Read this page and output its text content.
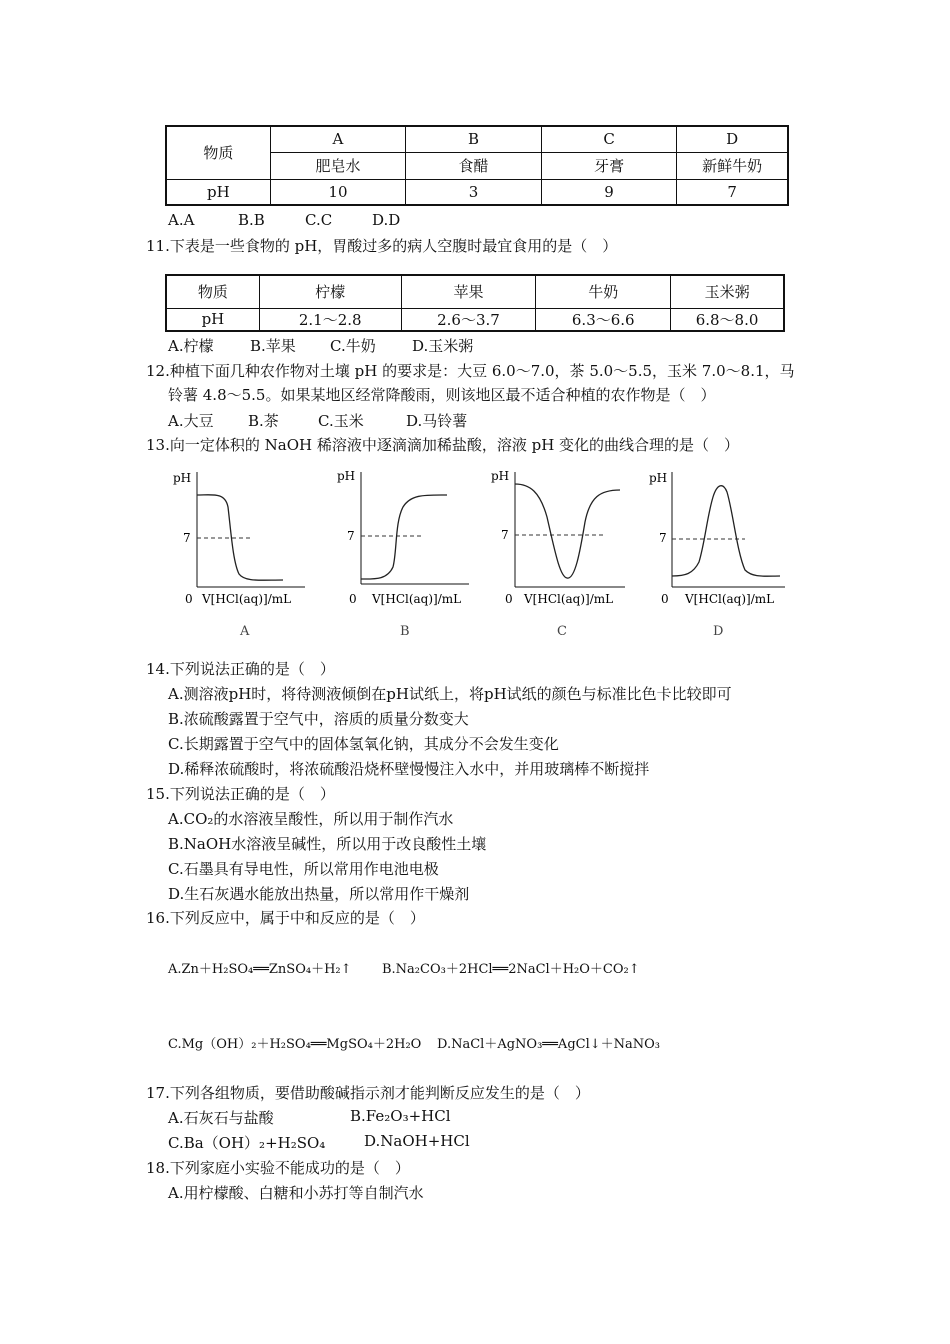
物质	A	B	C	D
	肥皂水	食醋	牙膏	新鲜牛奶
pH	10	3	9	7
A.A	B.B	C.C	D.D
11.下表是一些食物的 pH，胃酸过多的病人空腹时最宜食用的是（　）
物质	柠檬	苹果	牛奶	玉米粥
pH	2.1～2.8	2.6～3.7	6.3～6.6	6.8～8.0
A.柠檬 B.苹果 C.牛奶 D.玉米粥
12.种植下面几种农作物对土壤 pH 的要求是：大豆 6.0～7.0，茶 5.0～5.5，玉米 7.0～8.1，马
铃薯 4.8～5.5。如果某地区经常降酸雨，则该地区最不适合种植的农作物是（　）
A.大豆 B.茶	C.玉米	D.马铃薯
13.向一定体积的 NaOH 稀溶液中逐滴滴加稀盐酸，溶液 pH 变化的曲线合理的是（　）
pH
7
0 V[HCl(aq)]/mL
A
pH
7
0 V[HCl(aq)]/mL
B
pH
7
0 V[HCl(aq)]/mL
C
pH
7
0 V[HCl(aq)]/mL
D
14.下列说法正确的是（　）
A.测溶液pH时，将待测液倾倒在pH试纸上，将pH试纸的颜色与标准比色卡比较即可
B.浓硫酸露置于空气中，溶质的质量分数变大
C.长期露置于空气中的固体氢氧化钠，其成分不会发生变化
D.稀释浓硫酸时，将浓硫酸沿烧杯壁慢慢注入水中，并用玻璃棒不断搅拌
15.下列说法正确的是（　）
A.CO₂的水溶液呈酸性，所以用于制作汽水
B.NaOH水溶液呈碱性，所以用于改良酸性土壤
C.石墨具有导电性，所以常用作电池电极
D.生石灰遇水能放出热量，所以常用作干燥剂
16.下列反应中，属于中和反应的是（　）
A.Zn＋H₂SO₄══ZnSO₄＋H₂↑ B.Na₂CO₃＋2HCl══2NaCl＋H₂O＋CO₂↑
C.Mg（OH）₂＋H₂SO₄══MgSO₄＋2H₂O D.NaCl＋AgNO₃══AgCl↓＋NaNO₃
17.下列各组物质，要借助酸碱指示剂才能判断反应发生的是（　）
A.石灰石与盐酸	B.Fe₂O₃+HCl
C.Ba（OH）₂+H₂SO₄	D.NaOH+HCl
18.下列家庭小实验不能成功的是（　）
A.用柠檬酸、白糖和小苏打等自制汽水
